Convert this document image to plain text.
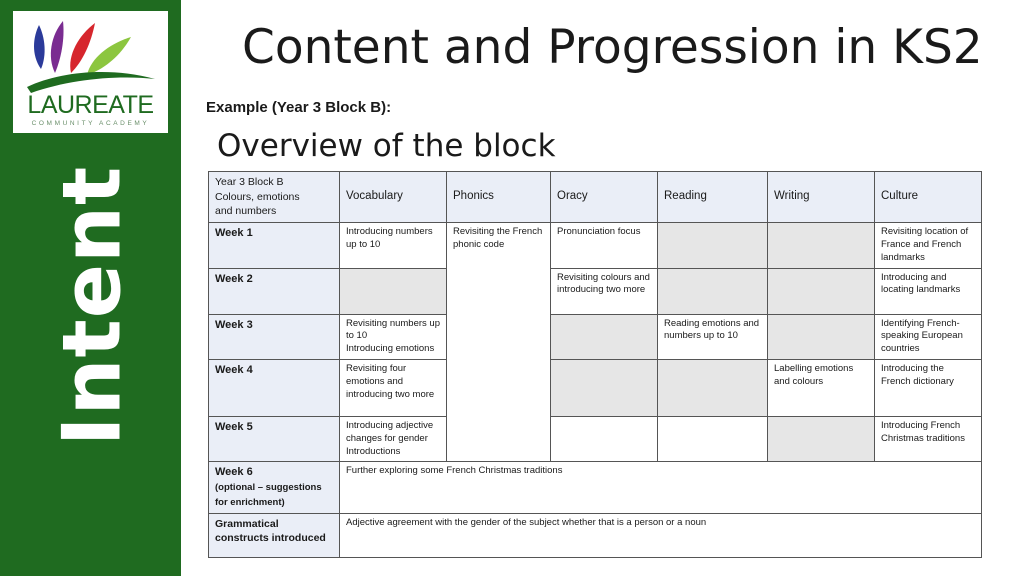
LAUREATE
COMMUNITY ACADEMY
Intent
Content and Progression in KS2
Example (Year 3 Block B):
Overview of the block
Year 3 Block B
Colours, emotions
and numbers	Vocabulary	Phonics	Oracy	Reading	Writing	Culture
Week 1	Introducing numbers up to 10	Revisiting the French phonic code	Pronunciation focus			Revisiting location of France and French landmarks
Week 2			Revisiting colours and introducing two more			Introducing and locating landmarks
Week 3	Revisiting numbers up to 10
Introducing emotions			Reading emotions and numbers up to 10		Identifying French-speaking European countries
Week 4	Revisiting four emotions and introducing two more				Labelling emotions and colours	Introducing the French dictionary
Week 5	Introducing adjective changes for gender
Introductions					Introducing French Christmas traditions
Week 6
(optional – suggestions for enrichment)	Further exploring some French Christmas traditions					
Grammatical constructs introduced	Adjective agreement with the gender of the subject whether that is a person or a noun					
